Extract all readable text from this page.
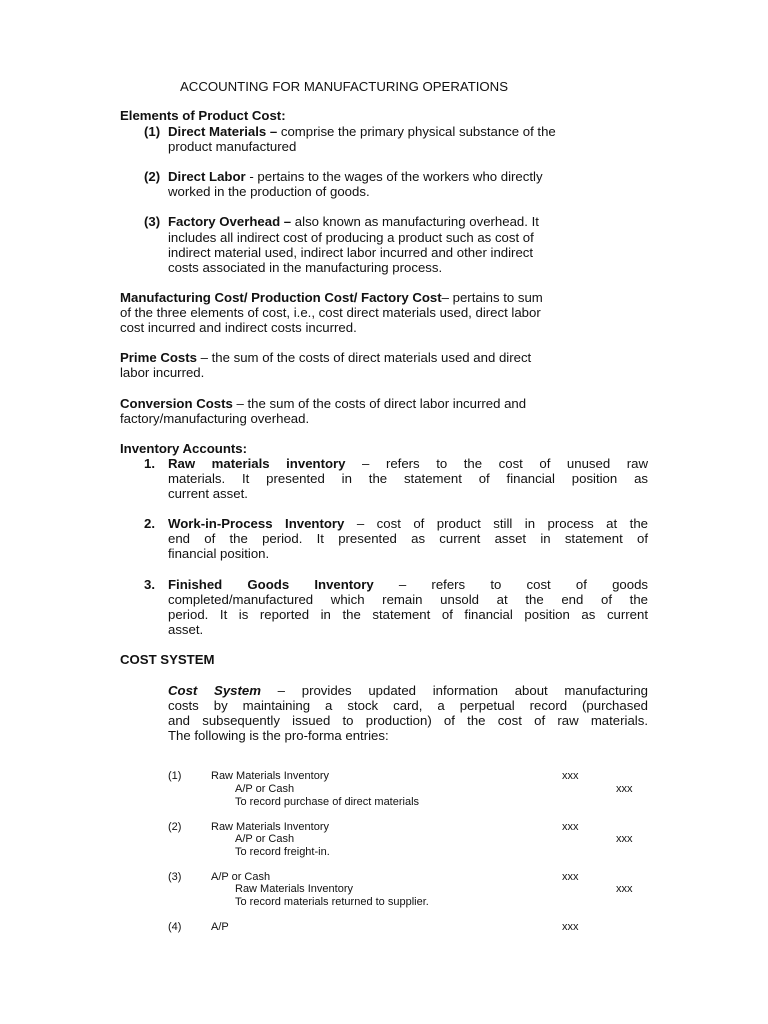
ACCOUNTING FOR MANUFACTURING OPERATIONS
Elements of Product Cost:
(1) Direct Materials – comprise the primary physical substance of the
product manufactured
(2) Direct Labor - pertains to the wages of the workers who directly
worked in the production of goods.
(3) Factory Overhead – also known as manufacturing overhead. It
includes all indirect cost of producing a product such as cost of
indirect material used, indirect labor incurred and other indirect
costs associated in the manufacturing process.
Manufacturing Cost/ Production Cost/ Factory Cost– pertains to sum
of the three elements of cost, i.e., cost direct materials used, direct labor
cost incurred and indirect costs incurred.
Prime Costs – the sum of the costs of direct materials used and direct
labor incurred.
Conversion Costs – the sum of the costs of direct labor incurred and
factory/manufacturing overhead.
Inventory Accounts:
1. Raw materials inventory – refers to the cost of unused raw
materials. It presented in the statement of financial position as
current asset.
2. Work-in-Process Inventory – cost of product still in process at the
end of the period. It presented as current asset in statement of
financial position.
3. Finished Goods Inventory – refers to cost of goods
completed/manufactured which remain unsold at the end of the
period. It is reported in the statement of financial position as current
asset.
COST SYSTEM
Cost System – provides updated information about manufacturing
costs by maintaining a stock card, a perpetual record (purchased
and subsequently issued to production) of the cost of raw materials.
The following is the pro-forma entries:
(1)	Raw Materials Inventory	xxx
A/P or Cash	xxx
To record purchase of direct materials
(2)	Raw Materials Inventory	xxx
A/P or Cash	xxx
To record freight-in.
(3)	A/P or Cash	xxx
Raw Materials Inventory	xxx
To record materials returned to supplier.
(4)	A/P	xxx
